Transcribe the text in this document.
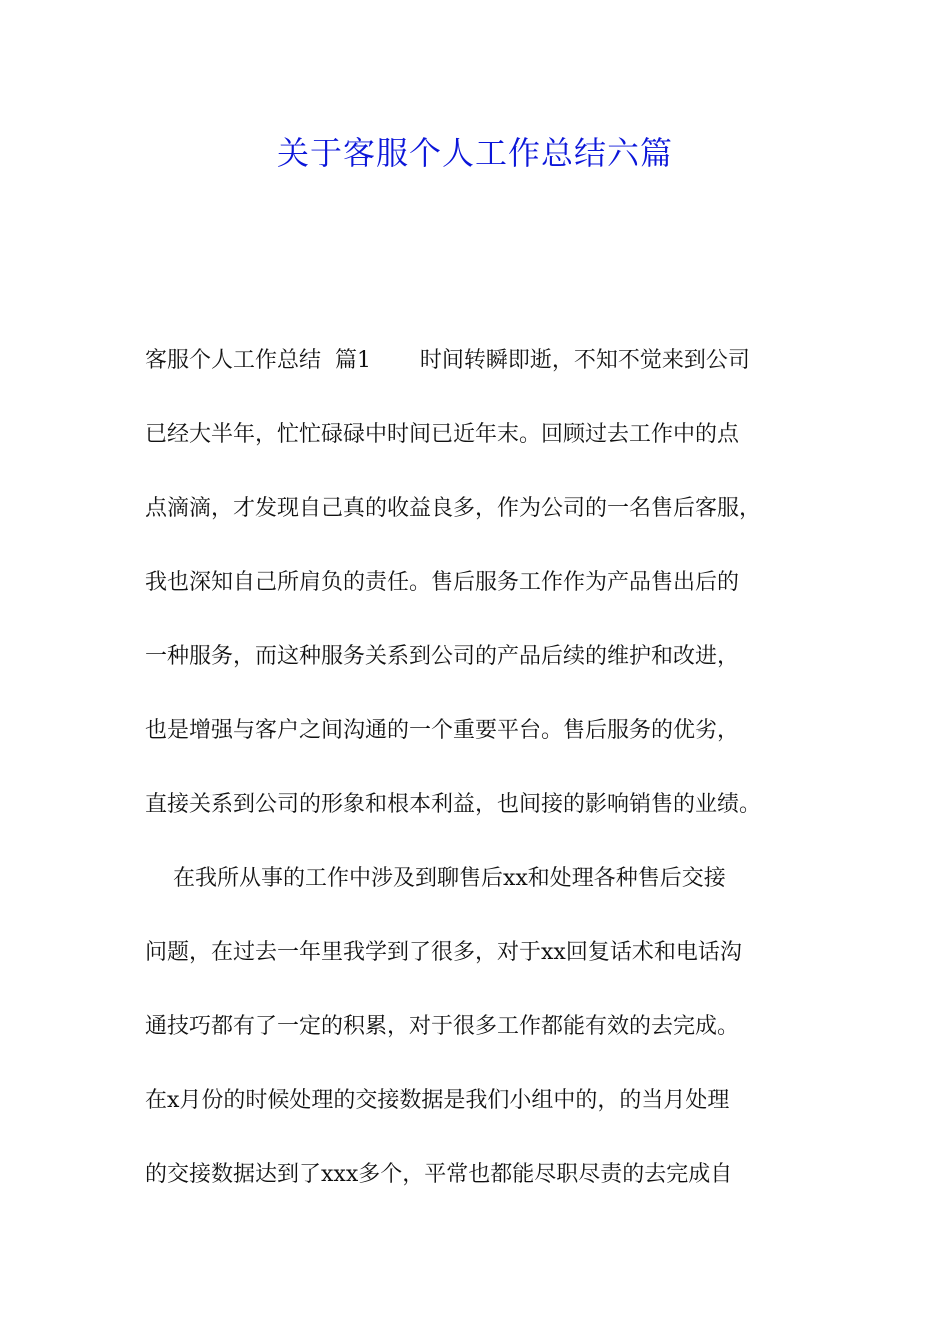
关于客服个人工作总结六篇
客服个人工作总结  篇1       时间转瞬即逝，不知不觉来到公司
已经大半年，忙忙碌碌中时间已近年末。回顾过去工作中的点
点滴滴，才发现自己真的收益良多，作为公司的一名售后客服，
我也深知自己所肩负的责任。售后服务工作作为产品售出后的
一种服务，而这种服务关系到公司的产品后续的维护和改进，
也是增强与客户之间沟通的一个重要平台。售后服务的优劣，
直接关系到公司的形象和根本利益，也间接的影响销售的业绩。
在我所从事的工作中涉及到聊售后xx和处理各种售后交接
问题，在过去一年里我学到了很多，对于xx回复话术和电话沟
通技巧都有了一定的积累，对于很多工作都能有效的去完成。
在x月份的时候处理的交接数据是我们小组中的，的当月处理
的交接数据达到了xxx多个，平常也都能尽职尽责的去完成自
